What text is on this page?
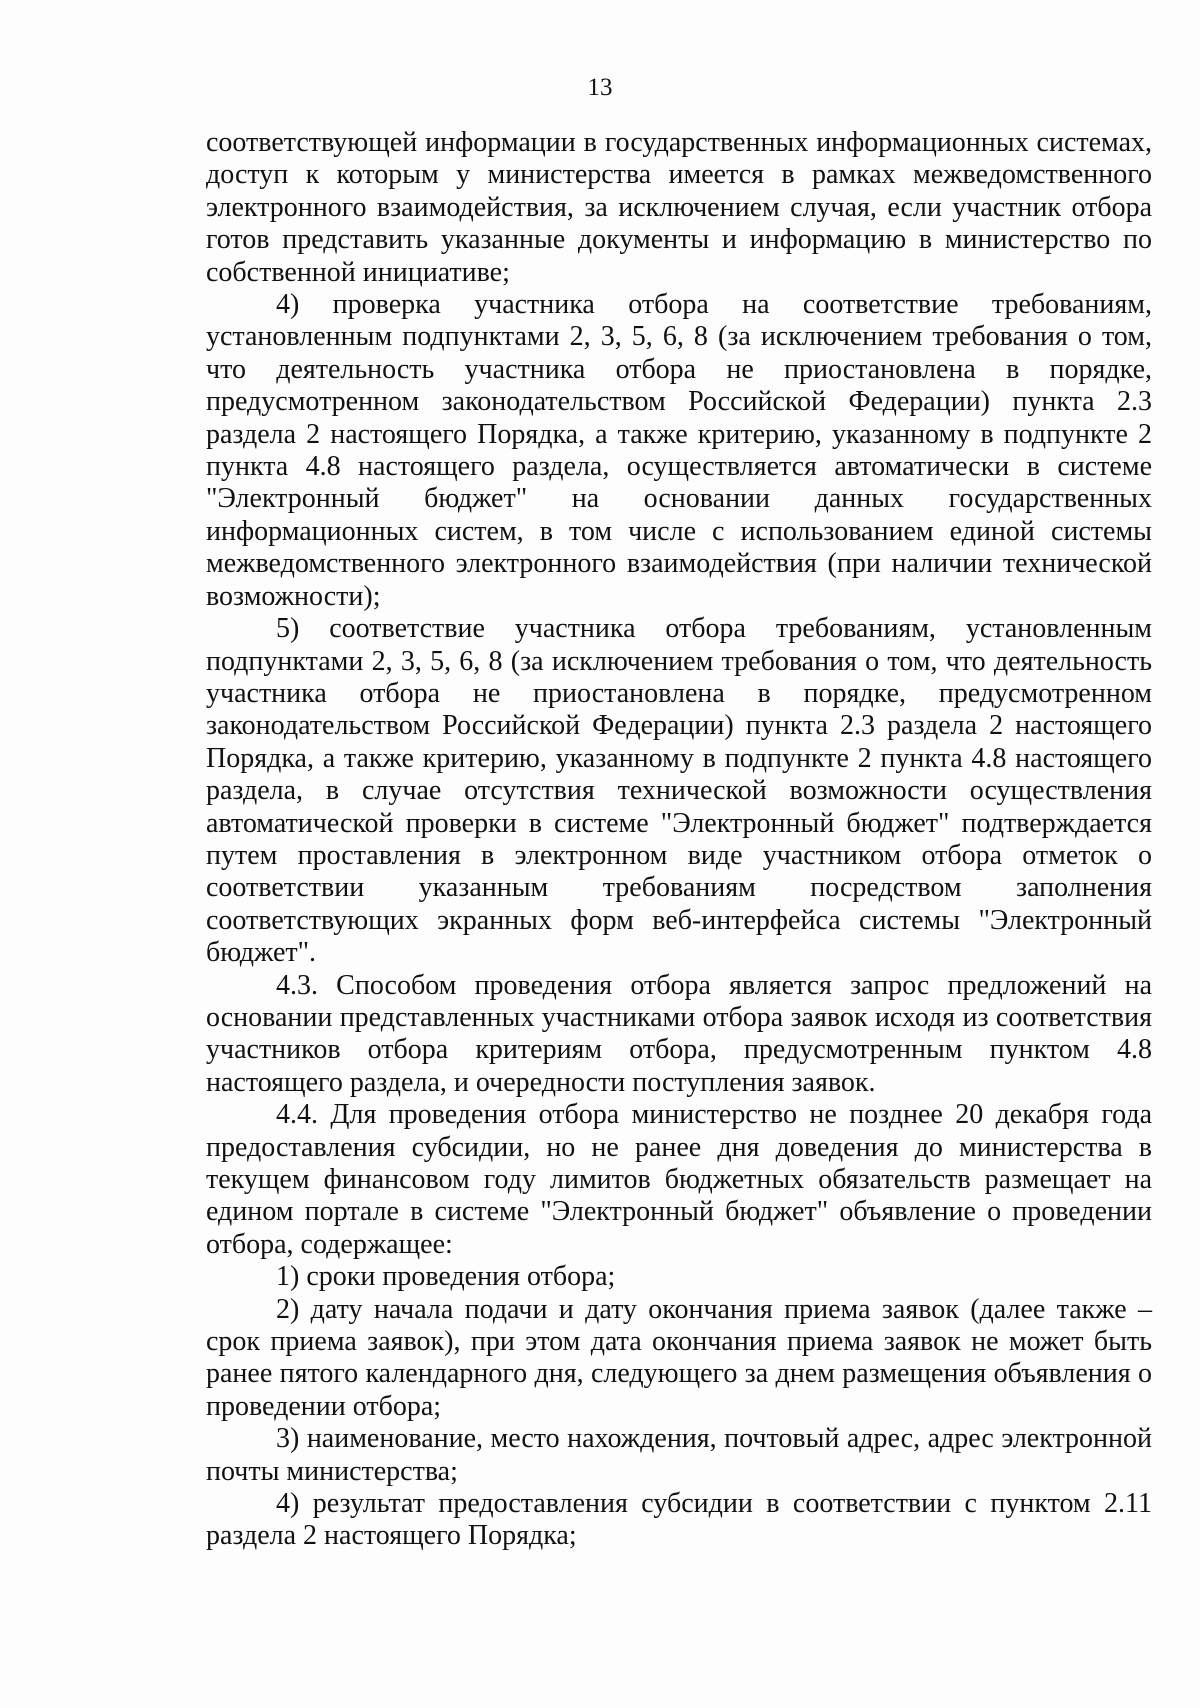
13

соответствующей информации в государственных информационных системах, доступ к которым у министерства имеется в рамках межведомственного электронного взаимодействия, за исключением случая, если участник отбора готов представить указанные документы и информацию в министерство по собственной инициативе;

4) проверка участника отбора на соответствие требованиям, установленным подпунктами 2, 3, 5, 6, 8 (за исключением требования о том, что деятельность участника отбора не приостановлена в порядке, предусмотренном законодательством Российской Федерации) пункта 2.3 раздела 2 настоящего Порядка, а также критерию, указанному в подпункте 2 пункта 4.8 настоящего раздела, осуществляется автоматически в системе "Электронный бюджет" на основании данных государственных информационных систем, в том числе с использованием единой системы межведомственного электронного взаимодействия (при наличии технической возможности);

5) соответствие участника отбора требованиям, установленным подпунктами 2, 3, 5, 6, 8 (за исключением требования о том, что деятельность участника отбора не приостановлена в порядке, предусмотренном законодательством Российской Федерации) пункта 2.3 раздела 2 настоящего Порядка, а также критерию, указанному в подпункте 2 пункта 4.8 настоящего раздела, в случае отсутствия технической возможности осуществления автоматической проверки в системе "Электронный бюджет" подтверждается путем проставления в электронном виде участником отбора отметок о соответствии указанным требованиям посредством заполнения соответствующих экранных форм веб-интерфейса системы "Электронный бюджет".

4.3. Способом проведения отбора является запрос предложений на основании представленных участниками отбора заявок исходя из соответствия участников отбора критериям отбора, предусмотренным пунктом 4.8 настоящего раздела, и очередности поступления заявок.

4.4. Для проведения отбора министерство не позднее 20 декабря года предоставления субсидии, но не ранее дня доведения до министерства в текущем финансовом году лимитов бюджетных обязательств размещает на едином портале в системе "Электронный бюджет" объявление о проведении отбора, содержащее:

1) сроки проведения отбора;

2) дату начала подачи и дату окончания приема заявок (далее также – срок приема заявок), при этом дата окончания приема заявок не может быть ранее пятого календарного дня, следующего за днем размещения объявления о проведении отбора;

3) наименование, место нахождения, почтовый адрес, адрес электронной почты министерства;

4) результат предоставления субсидии в соответствии с пунктом 2.11 раздела 2 настоящего Порядка;
